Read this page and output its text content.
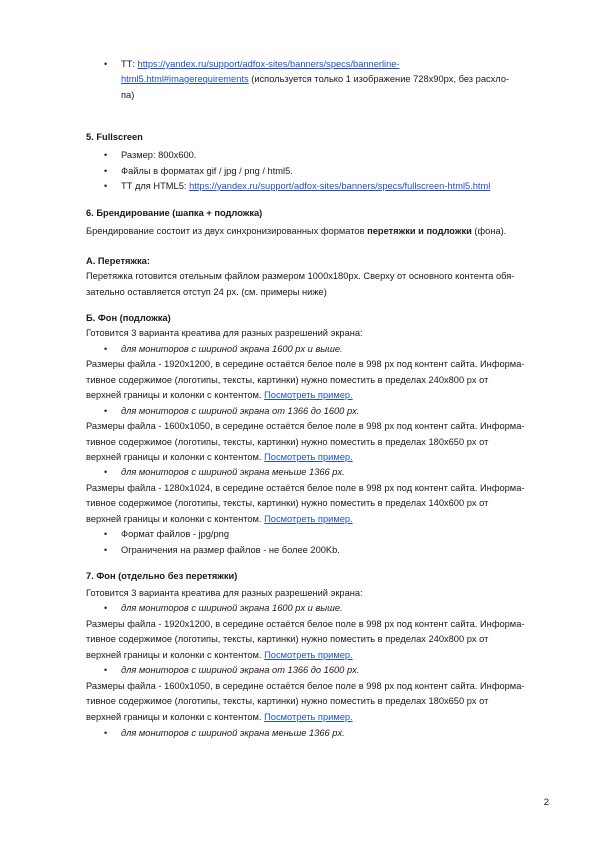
• ТТ: https://yandex.ru/support/adfox-sites/banners/specs/bannerline-
html5.html#imagerequirements (используется только 1 изображение 728х90px, без расхло-
па)
5. Fullscreen
• Размер: 800х600.
• Файлы в форматах gif / jpg / png / html5.
• ТТ для HTML5: https://yandex.ru/support/adfox-sites/banners/specs/fullscreen-html5.html
6. Брендирование (шапка + подложка)
Брендирование состоит из двух синхронизированных форматов перетяжки и подложки (фона).
А. Перетяжка:
Перетяжка готовится отельным файлом размером 1000х180px. Сверху от основного контента обя-
зательно оставляется отступ 24 px. (см. примеры ниже)
Б. Фон (подложка)
Готовится 3 варианта креатива для разных разрешений экрана:
• для мониторов с шириной экрана 1600 px и выше.
Размеры файла - 1920х1200, в середине остаётся белое поле в 998 px под контент сайта. Информа-
тивное содержимое (логотипы, тексты, картинки) нужно поместить в пределах 240х800 px от
верхней границы и колонки с контентом. Посмотреть пример.
• для мониторов с шириной экрана от 1366 до 1600 px.
Размеры файла - 1600х1050, в середине остаётся белое поле в 998 px под контент сайта. Информа-
тивное содержимое (логотипы, тексты, картинки) нужно поместить в пределах 180х650 px от
верхней границы и колонки с контентом. Посмотреть пример.
• для мониторов с шириной экрана меньше 1366 px.
Размеры файла - 1280х1024, в середине остаётся белое поле в 998 px под контент сайта. Информа-
тивное содержимое (логотипы, тексты, картинки) нужно поместить в пределах 140х600 px от
верхней границы и колонки с контентом. Посмотреть пример.
• Формат файлов - jpg/png
• Ограничения на размер файлов - не более 200Kb.
7. Фон (отдельно без перетяжки)
Готовится 3 варианта креатива для разных разрешений экрана:
• для мониторов с шириной экрана 1600 px и выше.
Размеры файла - 1920х1200, в середине остаётся белое поле в 998 px под контент сайта. Информа-
тивное содержимое (логотипы, тексты, картинки) нужно поместить в пределах 240х800 px от
верхней границы и колонки с контентом. Посмотреть пример.
• для мониторов с шириной экрана от 1366 до 1600 px.
Размеры файла - 1600х1050, в середине остаётся белое поле в 998 px под контент сайта. Информа-
тивное содержимое (логотипы, тексты, картинки) нужно поместить в пределах 180х650 px от
верхней границы и колонки с контентом. Посмотреть пример.
• для мониторов с шириной экрана меньше 1366 px.
2
